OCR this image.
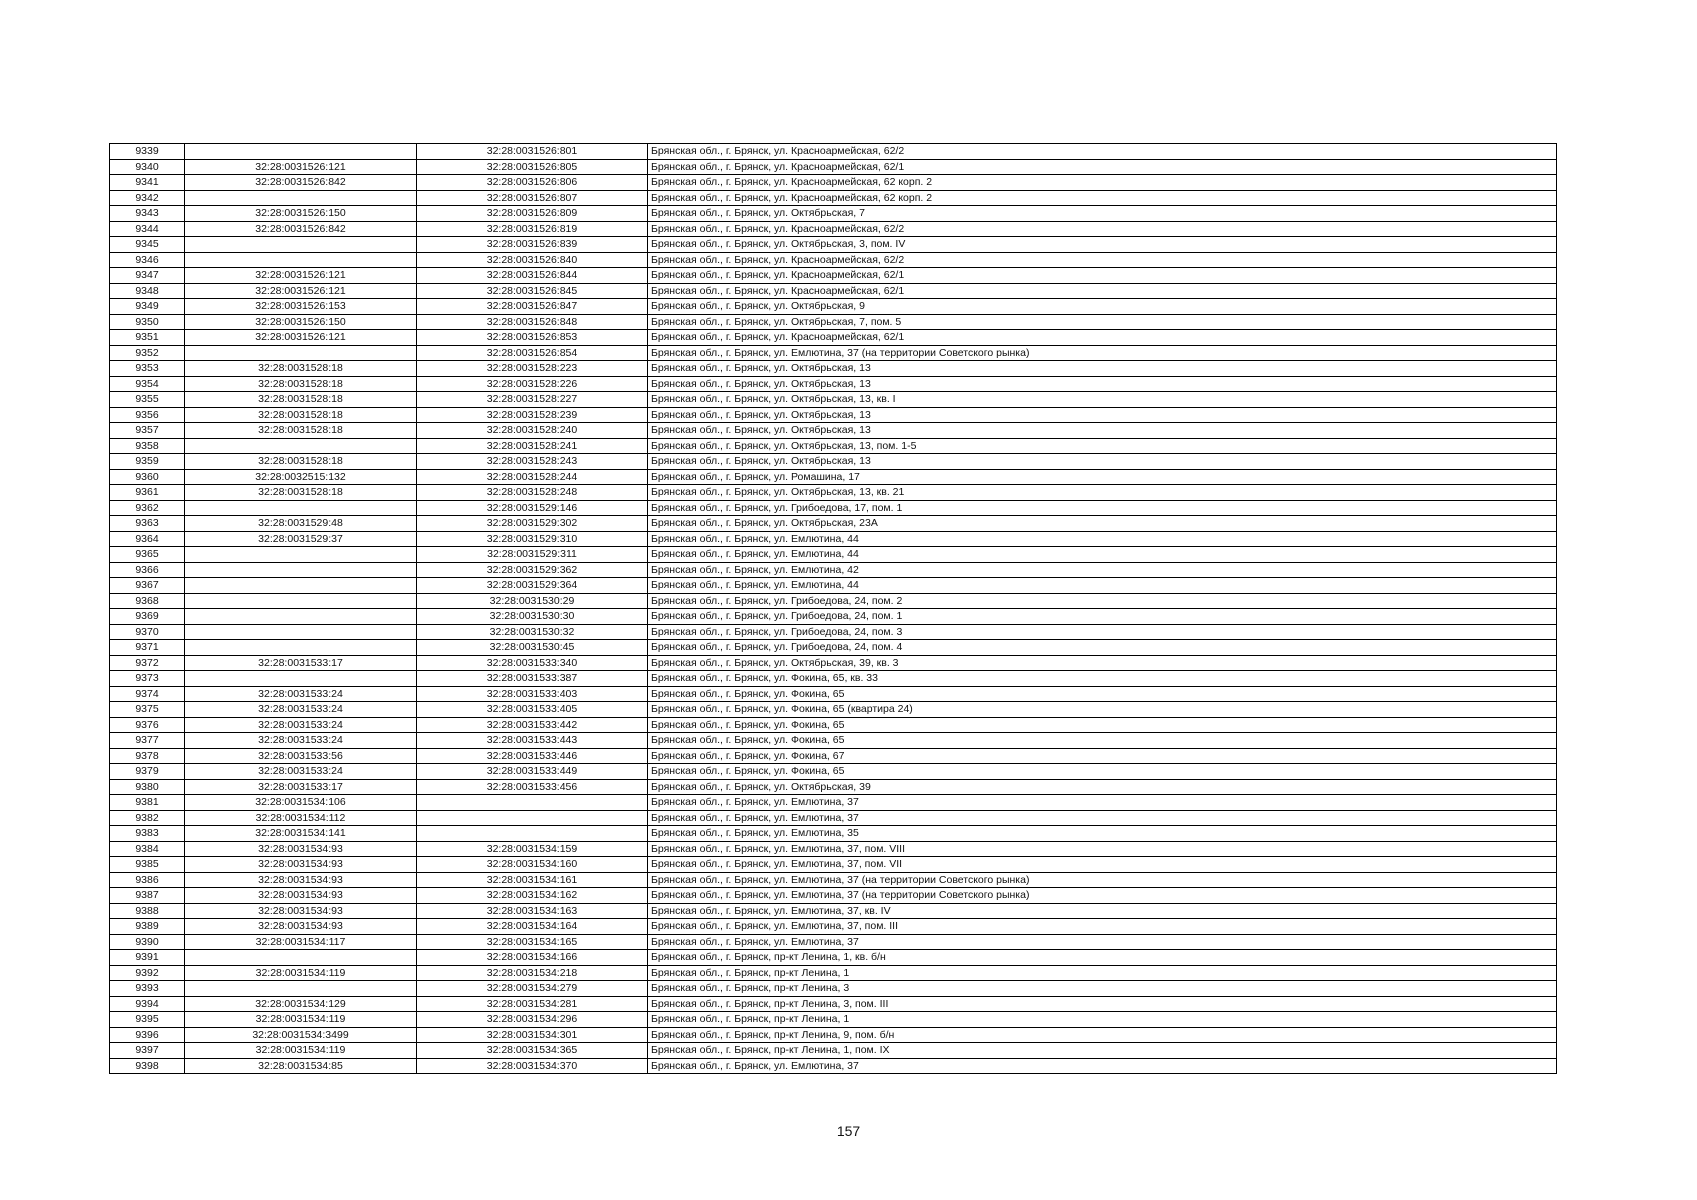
9339		32:28:0031526:801	Брянская обл., г. Брянск, ул. Красноармейская, 62/2
9340	32:28:0031526:121	32:28:0031526:805	Брянская обл., г. Брянск, ул. Красноармейская, 62/1
9341	32:28:0031526:842	32:28:0031526:806	Брянская обл., г. Брянск, ул. Красноармейская, 62 корп. 2
9342		32:28:0031526:807	Брянская обл., г. Брянск, ул. Красноармейская, 62 корп. 2
9343	32:28:0031526:150	32:28:0031526:809	Брянская обл., г. Брянск, ул. Октябрьская, 7
9344	32:28:0031526:842	32:28:0031526:819	Брянская обл., г. Брянск, ул. Красноармейская, 62/2
9345		32:28:0031526:839	Брянская обл., г. Брянск, ул. Октябрьская, 3, пом. IV
9346		32:28:0031526:840	Брянская обл., г. Брянск, ул. Красноармейская, 62/2
9347	32:28:0031526:121	32:28:0031526:844	Брянская обл., г. Брянск, ул. Красноармейская, 62/1
9348	32:28:0031526:121	32:28:0031526:845	Брянская обл., г. Брянск, ул. Красноармейская, 62/1
9349	32:28:0031526:153	32:28:0031526:847	Брянская обл., г. Брянск, ул. Октябрьская, 9
9350	32:28:0031526:150	32:28:0031526:848	Брянская обл., г. Брянск, ул. Октябрьская, 7, пом. 5
9351	32:28:0031526:121	32:28:0031526:853	Брянская обл., г. Брянск, ул. Красноармейская, 62/1
9352		32:28:0031526:854	Брянская обл., г. Брянск, ул. Емлютина, 37 (на территории Советского рынка)
9353	32:28:0031528:18	32:28:0031528:223	Брянская обл., г. Брянск, ул. Октябрьская, 13
9354	32:28:0031528:18	32:28:0031528:226	Брянская обл., г. Брянск, ул. Октябрьская, 13
9355	32:28:0031528:18	32:28:0031528:227	Брянская обл., г. Брянск, ул. Октябрьская, 13, кв. I
9356	32:28:0031528:18	32:28:0031528:239	Брянская обл., г. Брянск, ул. Октябрьская, 13
9357	32:28:0031528:18	32:28:0031528:240	Брянская обл., г. Брянск, ул. Октябрьская, 13
9358		32:28:0031528:241	Брянская обл., г. Брянск, ул. Октябрьская, 13, пом. 1-5
9359	32:28:0031528:18	32:28:0031528:243	Брянская обл., г. Брянск, ул. Октябрьская, 13
9360	32:28:0032515:132	32:28:0031528:244	Брянская обл., г. Брянск, ул. Ромашина, 17
9361	32:28:0031528:18	32:28:0031528:248	Брянская обл., г. Брянск, ул. Октябрьская, 13, кв. 21
9362		32:28:0031529:146	Брянская обл., г. Брянск, ул. Грибоедова, 17, пом. 1
9363	32:28:0031529:48	32:28:0031529:302	Брянская обл., г. Брянск, ул. Октябрьская, 23А
9364	32:28:0031529:37	32:28:0031529:310	Брянская обл., г. Брянск, ул. Емлютина, 44
9365		32:28:0031529:311	Брянская обл., г. Брянск, ул. Емлютина, 44
9366		32:28:0031529:362	Брянская обл., г. Брянск, ул. Емлютина, 42
9367		32:28:0031529:364	Брянская обл., г. Брянск, ул. Емлютина, 44
9368		32:28:0031530:29	Брянская обл., г. Брянск, ул. Грибоедова, 24, пом. 2
9369		32:28:0031530:30	Брянская обл., г. Брянск, ул. Грибоедова, 24, пом. 1
9370		32:28:0031530:32	Брянская обл., г. Брянск, ул. Грибоедова, 24, пом. 3
9371		32:28:0031530:45	Брянская обл., г. Брянск, ул. Грибоедова, 24, пом. 4
9372	32:28:0031533:17	32:28:0031533:340	Брянская обл., г. Брянск, ул. Октябрьская, 39, кв. 3
9373		32:28:0031533:387	Брянская обл., г. Брянск, ул. Фокина, 65, кв. 33
9374	32:28:0031533:24	32:28:0031533:403	Брянская обл., г. Брянск, ул. Фокина, 65
9375	32:28:0031533:24	32:28:0031533:405	Брянская обл., г. Брянск, ул. Фокина, 65 (квартира 24)
9376	32:28:0031533:24	32:28:0031533:442	Брянская обл., г. Брянск, ул. Фокина, 65
9377	32:28:0031533:24	32:28:0031533:443	Брянская обл., г. Брянск, ул. Фокина, 65
9378	32:28:0031533:56	32:28:0031533:446	Брянская обл., г. Брянск, ул. Фокина, 67
9379	32:28:0031533:24	32:28:0031533:449	Брянская обл., г. Брянск, ул. Фокина, 65
9380	32:28:0031533:17	32:28:0031533:456	Брянская обл., г. Брянск, ул. Октябрьская, 39
9381	32:28:0031534:106		Брянская обл., г. Брянск, ул. Емлютина, 37
9382	32:28:0031534:112		Брянская обл., г. Брянск, ул. Емлютина, 37
9383	32:28:0031534:141		Брянская обл., г. Брянск, ул. Емлютина, 35
9384	32:28:0031534:93	32:28:0031534:159	Брянская обл., г. Брянск, ул. Емлютина, 37, пом. VIII
9385	32:28:0031534:93	32:28:0031534:160	Брянская обл., г. Брянск, ул. Емлютина, 37, пом. VII
9386	32:28:0031534:93	32:28:0031534:161	Брянская обл., г. Брянск, ул. Емлютина, 37 (на территории Советского рынка)
9387	32:28:0031534:93	32:28:0031534:162	Брянская обл., г. Брянск, ул. Емлютина, 37 (на территории Советского рынка)
9388	32:28:0031534:93	32:28:0031534:163	Брянская обл., г. Брянск, ул. Емлютина, 37, кв. IV
9389	32:28:0031534:93	32:28:0031534:164	Брянская обл., г. Брянск, ул. Емлютина, 37, пом. III
9390	32:28:0031534:117	32:28:0031534:165	Брянская обл., г. Брянск, ул. Емлютина, 37
9391		32:28:0031534:166	Брянская обл., г. Брянск, пр-кт Ленина, 1, кв. б/н
9392	32:28:0031534:119	32:28:0031534:218	Брянская обл., г. Брянск, пр-кт Ленина, 1
9393		32:28:0031534:279	Брянская обл., г. Брянск, пр-кт Ленина, 3
9394	32:28:0031534:129	32:28:0031534:281	Брянская обл., г. Брянск, пр-кт Ленина, 3, пом. III
9395	32:28:0031534:119	32:28:0031534:296	Брянская обл., г. Брянск, пр-кт Ленина, 1
9396	32:28:0031534:3499	32:28:0031534:301	Брянская обл., г. Брянск, пр-кт Ленина, 9, пом. б/н
9397	32:28:0031534:119	32:28:0031534:365	Брянская обл., г. Брянск, пр-кт Ленина, 1, пом. IX
9398	32:28:0031534:85	32:28:0031534:370	Брянская обл., г. Брянск, ул. Емлютина, 37
157
